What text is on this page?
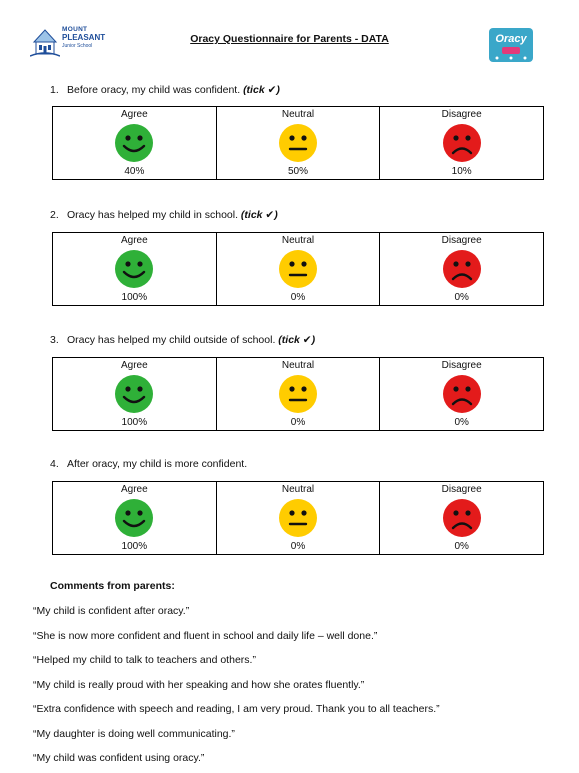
MOUNT
PLEASANT
Junior School
Oracy Questionnaire for Parents - DATA	Oracy
1. Before oracy, my child was confident. (tick ✔)
Agree
40%
Neutral
50%
Disagree
10%
2. Oracy has helped my child in school. (tick ✔)
Agree
100%
Neutral
0%
Disagree
0%
3. Oracy has helped my child outside of school. (tick ✔)
Agree
100%
Neutral
0%
Disagree
0%
4. After oracy, my child is more confident.
Agree
100%
Neutral
0%
Disagree
0%
Comments from parents:
“My child is confident after oracy.”
“She is now more confident and fluent in school and daily life – well done.”
“Helped my child to talk to teachers and others.”
“My child is really proud with her speaking and how she orates fluently.”
“Extra confidence with speech and reading, I am very proud. Thank you to all teachers.”
“My daughter is doing well communicating.”
“My child was confident using oracy.”
